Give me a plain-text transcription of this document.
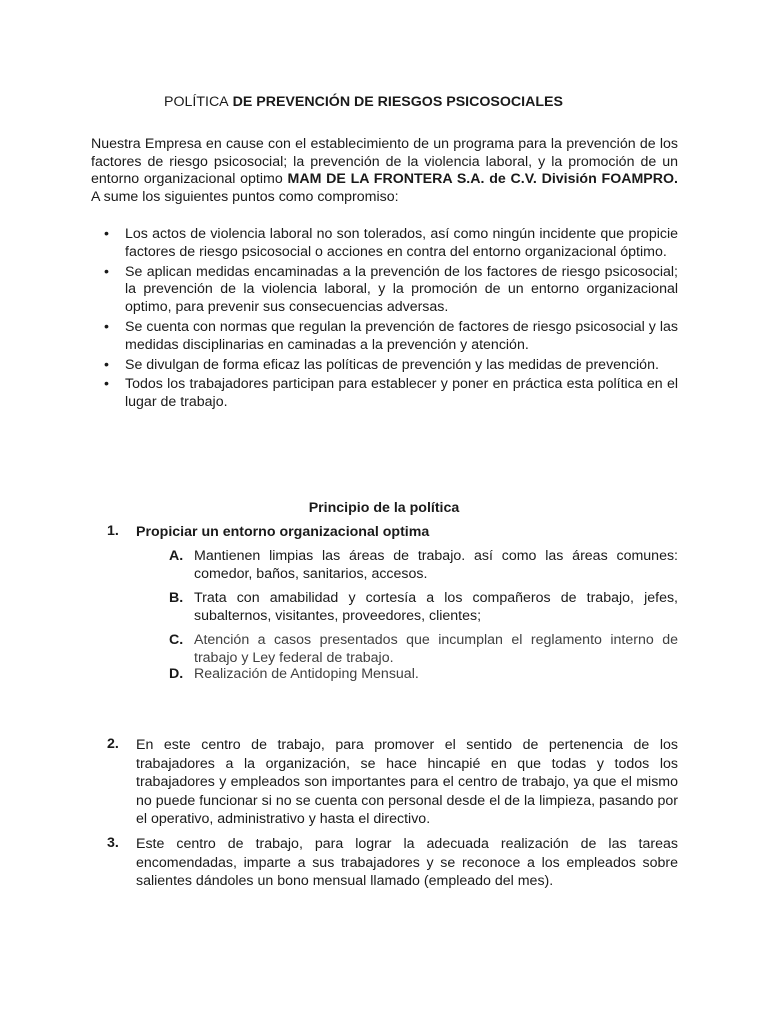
POLÍTICA DE PREVENCIÓN DE RIESGOS PSICOSOCIALES

Nuestra Empresa en cause con el establecimiento de un programa para la prevención de los factores de riesgo psicosocial; la prevención de la violencia laboral, y la promoción de un entorno organizacional optimo MAM DE LA FRONTERA S.A. de C.V. División FOAMPRO. A sume los siguientes puntos como compromiso:

• Los actos de violencia laboral no son tolerados, así como ningún incidente que propicie factores de riesgo psicosocial o acciones en contra del entorno organizacional óptimo.
• Se aplican medidas encaminadas a la prevención de los factores de riesgo psicosocial; la prevención de la violencia laboral, y la promoción de un entorno organizacional optimo, para prevenir sus consecuencias adversas.
• Se cuenta con normas que regulan la prevención de factores de riesgo psicosocial y las medidas disciplinarias en caminadas a la prevención y atención.
• Se divulgan de forma eficaz las políticas de prevención y las medidas de prevención.
• Todos los trabajadores participan para establecer y poner en práctica esta política en el lugar de trabajo.
Principio de la política
1. Propiciar un entorno organizacional optima
A. Mantienen limpias las áreas de trabajo. así como las áreas comunes: comedor, baños, sanitarios, accesos.
B. Trata con amabilidad y cortesía a los compañeros de trabajo, jefes, subalternos, visitantes, proveedores, clientes;
C. Atención a casos presentados que incumplan el reglamento interno de trabajo y Ley federal de trabajo.
D. Realización de Antidoping Mensual.
2. En este centro de trabajo, para promover el sentido de pertenencia de los trabajadores a la organización, se hace hincapié en que todas y todos los trabajadores y empleados son importantes para el centro de trabajo, ya que el mismo no puede funcionar si no se cuenta con personal desde el de la limpieza, pasando por el operativo, administrativo y hasta el directivo.
3. Este centro de trabajo, para lograr la adecuada realización de las tareas encomendadas, imparte a sus trabajadores y se reconoce a los empleados sobre salientes dándoles un bono mensual llamado (empleado del mes).
